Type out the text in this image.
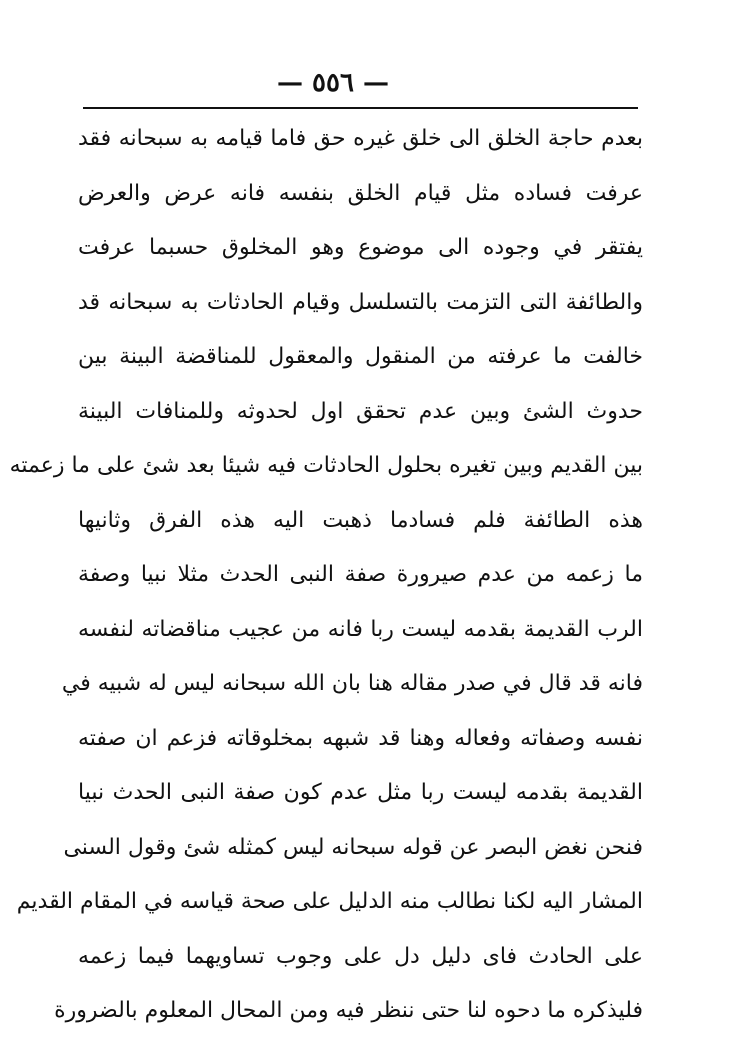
— ٥٥٦ —
بعدم حاجة الخلق الى خلق غيره حق فاما قيامه به سبحانه فقد
عرفت فساده مثل قيام الخلق بنفسه فانه عرض والعرض
يفتقر في وجوده الى موضوع وهو المخلوق حسبما عرفت
والطائفة التى التزمت بالتسلسل وقيام الحادثات به سبحانه قد
خالفت ما عرفته من المنقول والمعقول للمناقضة البينة بين
حدوث الشئ وبين عدم تحقق اول لحدوثه وللمنافات البينة
بين القديم وبين تغيره بحلول الحادثات فيه شيئا بعد شئ على ما زعمته
هذه الطائفة فلم فسادما ذهبت اليه هذه الفرق وثانيها
ما زعمه من عدم صيرورة صفة النبى الحدث مثلا نبيا وصفة
الرب القديمة بقدمه ليست ربا فانه من عجيب مناقضاته لنفسه
فانه قد قال في صدر مقاله هنا بان الله سبحانه ليس له شبيه في
نفسه وصفاته وفعاله وهنا قد شبهه بمخلوقاته فزعم ان صفته
القديمة بقدمه ليست ربا مثل عدم كون صفة النبى الحدث نبيا
فنحن نغض البصر عن قوله سبحانه ليس كمثله شئ وقول السنى
المشار اليه لكنا نطالب منه الدليل على صحة قياسه في المقام القديم
على الحادث فاى دليل دل على وجوب تساويهما فيما زعمه
فليذكره ما دحوه لنا حتى ننظر فيه ومن المحال المعلوم بالضرورة
